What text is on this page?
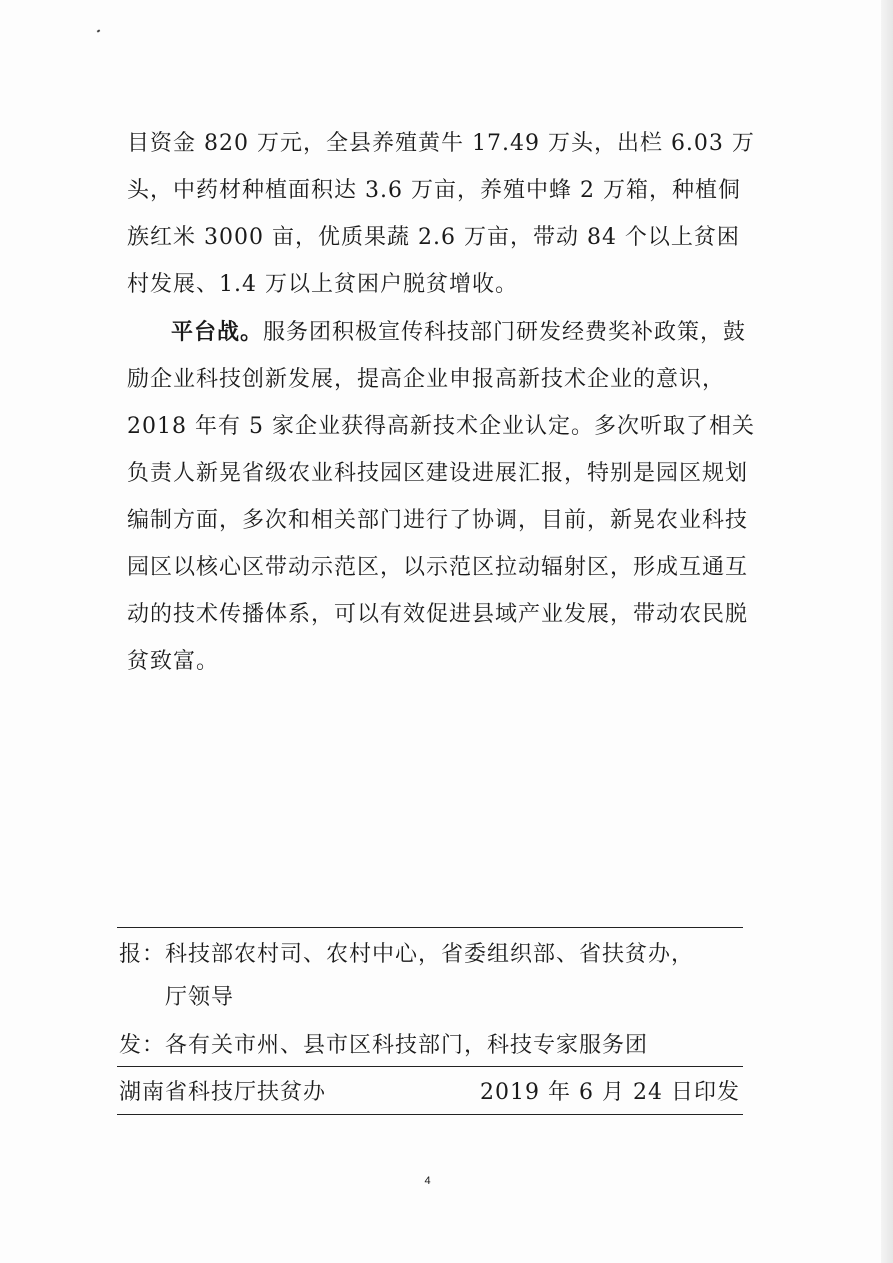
目资金 820 万元，全县养殖黄牛 17.49 万头，出栏 6.03 万头，中药材种植面积达 3.6 万亩，养殖中蜂 2 万箱，种植侗族红米 3000 亩，优质果蔬 2.6 万亩，带动 84 个以上贫困村发展、1.4 万以上贫困户脱贫增收。

平台战。服务团积极宣传科技部门研发经费奖补政策，鼓励企业科技创新发展，提高企业申报高新技术企业的意识，2018 年有 5 家企业获得高新技术企业认定。多次听取了相关负责人新晃省级农业科技园区建设进展汇报，特别是园区规划编制方面，多次和相关部门进行了协调，目前，新晃农业科技园区以核心区带动示范区，以示范区拉动辐射区，形成互通互动的技术传播体系，可以有效促进县域产业发展，带动农民脱贫致富。

报：科技部农村司、农村中心，省委组织部、省扶贫办，
厅领导
发：各有关市州、县市区科技部门，科技专家服务团
湖南省科技厅扶贫办	2019 年 6 月 24 日印发
4
